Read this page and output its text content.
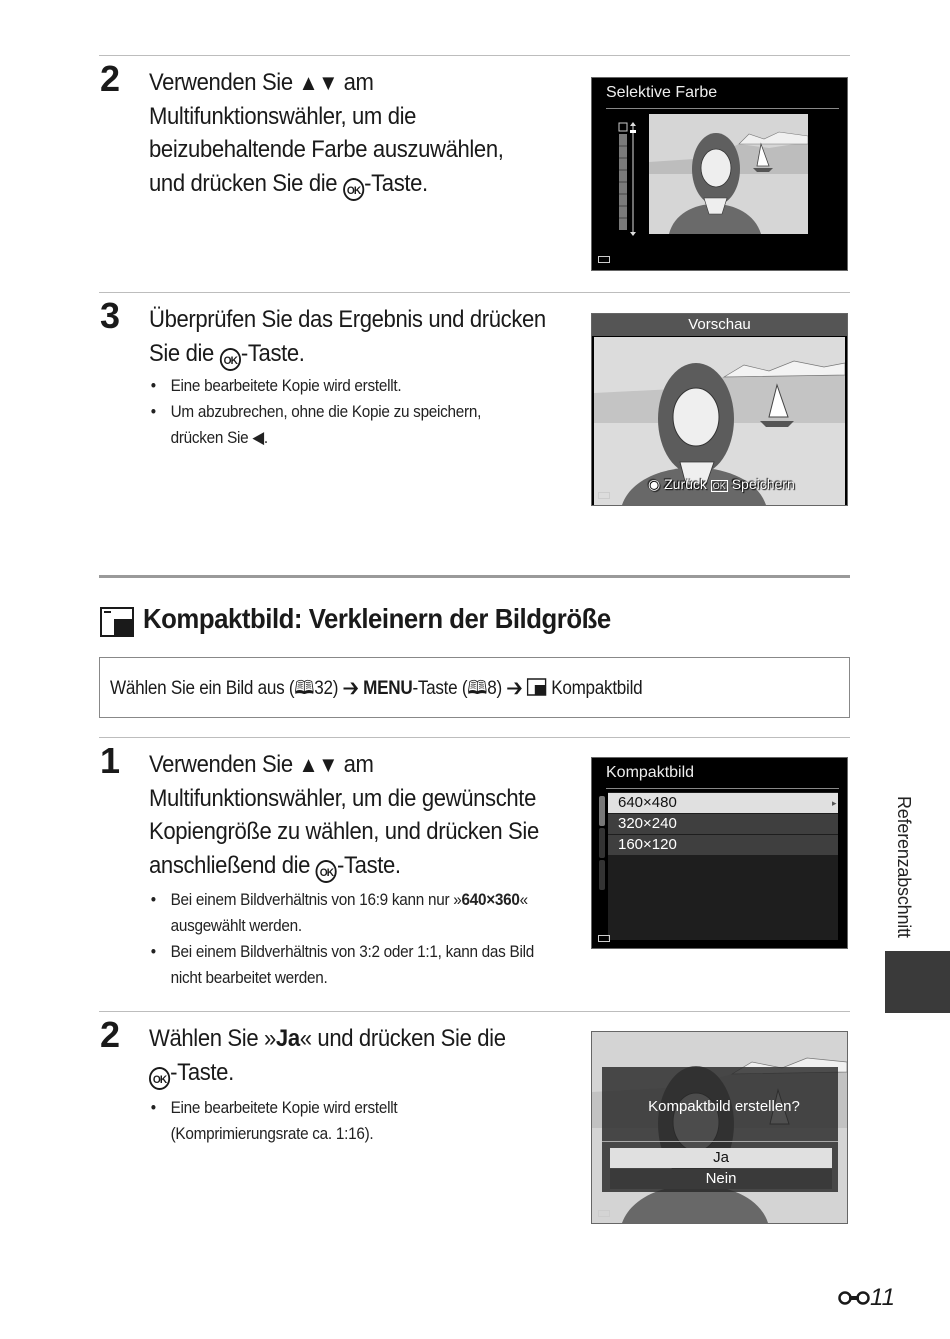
2 Verwenden Sie ▲▼ am Multifunktionswähler, um die beizubehaltende Farbe auszuwählen, und drücken Sie die OK -Taste.
Selektive Farbe
3 Überprüfen Sie das Ergebnis und drücken Sie die OK -Taste.
• Eine bearbeitete Kopie wird erstellt.
• Um abzubrechen, ohne die Kopie zu speichern, drücken Sie ◀.
Vorschau
◉ Zurück OK Speichern
Kompaktbild: Verkleinern der Bildgröße
Wählen Sie ein Bild aus (🕮32) ➔ MENU-Taste (🕮8) ➔ Kompaktbild
1 Verwenden Sie ▲▼ am Multifunktionswähler, um die gewünschte Kopiengröße zu wählen, und drücken Sie anschließend die OK -Taste.
• Bei einem Bildverhältnis von 16:9 kann nur »640×360« ausgewählt werden.
• Bei einem Bildverhältnis von 3:2 oder 1:1, kann das Bild nicht bearbeitet werden.
Kompaktbild
640×480	▸
320×240
160×120
2 Wählen Sie »Ja« und drücken Sie die OK -Taste.
• Eine bearbeitete Kopie wird erstellt (Komprimierungsrate ca. 1:16).
Kompaktbild erstellen?
Ja
Nein
Referenzabschnitt
11
